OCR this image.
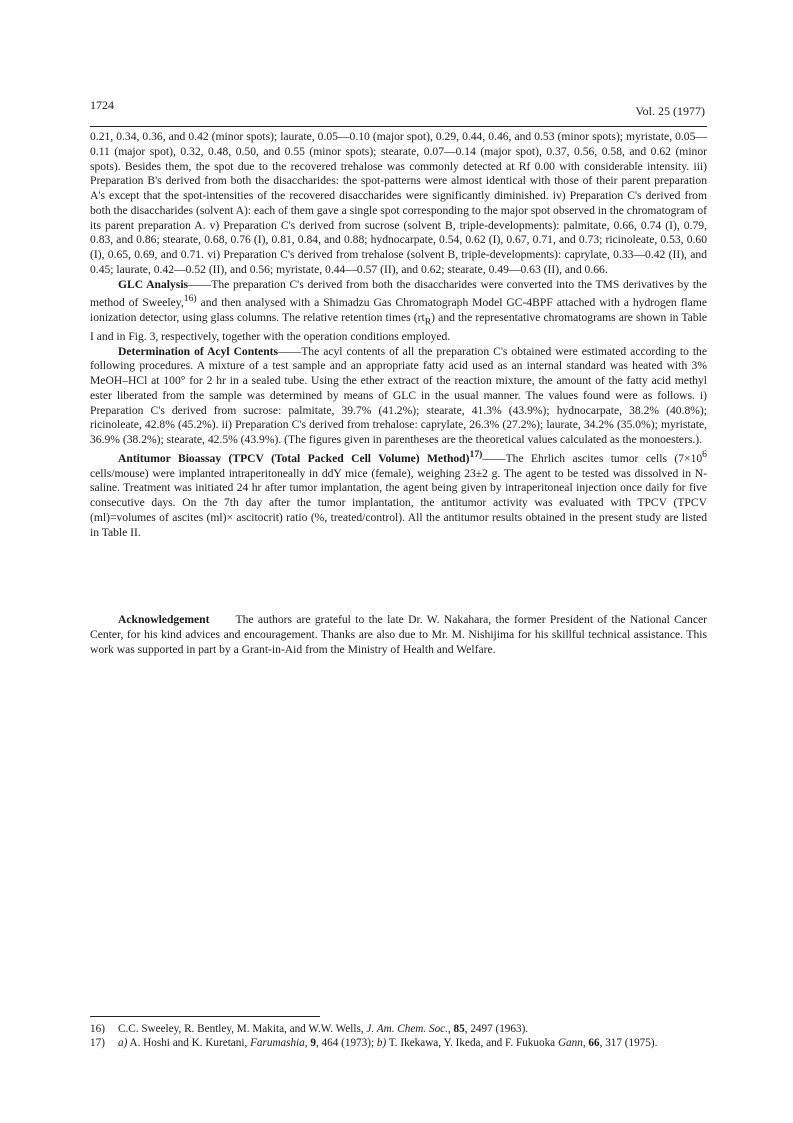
1724	Vol. 25 (1977)

0.21, 0.34, 0.36, and 0.42 (minor spots); laurate, 0.05—0.10 (major spot), 0.29, 0.44, 0.46, and 0.53 (minor spots); myristate, 0.05—0.11 (major spot), 0.32, 0.48, 0.50, and 0.55 (minor spots); stearate, 0.07—0.14 (major spot), 0.37, 0.56, 0.58, and 0.62 (minor spots). Besides them, the spot due to the recovered trehalose was commonly detected at Rf 0.00 with considerable intensity. iii) Preparation B's derived from both the disaccharides: the spot-patterns were almost identical with those of their parent preparation A's except that the spot-intensities of the recovered disaccharides were significantly diminished. iv) Preparation C's derived from both the disaccharides (solvent A): each of them gave a single spot corresponding to the major spot observed in the chromatogram of its parent preparation A. v) Preparation C's derived from sucrose (solvent B, triple-developments): palmitate, 0.66, 0.74 (I), 0.79, 0.83, and 0.86; stearate, 0.68, 0.76 (I), 0.81, 0.84, and 0.88; hydnocarpate, 0.54, 0.62 (I), 0.67, 0.71, and 0.73; ricinoleate, 0.53, 0.60 (I), 0.65, 0.69, and 0.71. vi) Preparation C's derived from trehalose (solvent B, triple-developments): caprylate, 0.33—0.42 (II), and 0.45; laurate, 0.42—0.52 (II), and 0.56; myristate, 0.44—0.57 (II), and 0.62; stearate, 0.49—0.63 (II), and 0.66.

GLC Analysis——The preparation C's derived from both the disaccharides were converted into the TMS derivatives by the method of Sweeley,$^{16)}$ and then analysed with a Shimadzu Gas Chromatograph Model GC-4BPF attached with a hydrogen flame ionization detector, using glass columns. The relative retention times $(rt_R)$ and the representative chromatograms are shown in Table I and in Fig. 3, respectively, together with the operation conditions employed.

Determination of Acyl Contents——The acyl contents of all the preparation C's obtained were estimated according to the following procedures. A mixture of a test sample and an appropriate fatty acid used as an internal standard was heated with 3% MeOH–HCl at 100° for 2 hr in a sealed tube. Using the ether extract of the reaction mixture, the amount of the fatty acid methyl ester liberated from the sample was determined by means of GLC in the usual manner. The values found were as follows. i) Preparation C's derived from sucrose: palmitate, 39.7% (41.2%); stearate, 41.3% (43.9%); hydnocarpate, 38.2% (40.8%); ricinoleate, 42.8% (45.2%). ii) Preparation C's derived from trehalose: caprylate, 26.3% (27.2%); laurate, 34.2% (35.0%); myristate, 36.9% (38.2%); stearate, 42.5% (43.9%). (The figures given in parentheses are the theoretical values calculated as the monoesters.).

Antitumor Bioassay (TPCV (Total Packed Cell Volume) Method)$^{17)}$——The Ehrlich ascites tumor cells ($7\times 10^6$ cells/mouse) were implanted intraperitoneally in ddY mice (female), weighing 23±2 g. The agent to be tested was dissolved in N-saline. Treatment was initiated 24 hr after tumor implantation, the agent being given by intraperitoneal injection once daily for five consecutive days. On the 7th day after the tumor implantation, the antitumor activity was evaluated with TPCV (TPCV (ml)=volumes of ascites (ml)× ascitocrit) ratio (%, treated/control). All the antitumor results obtained in the present study are listed in Table II.

Acknowledgement The authors are grateful to the late Dr. W. Nakahara, the former President of the National Cancer Center, for his kind advices and encouragement. Thanks are also due to Mr. M. Nishijima for his skillful technical assistance. This work was supported in part by a Grant-in-Aid from the Ministry of Health and Welfare.

16) C.C. Sweeley, R. Bentley, M. Makita, and W.W. Wells, J. Am. Chem. Soc., 85, 2497 (1963).

17) a) A. Hoshi and K. Kuretani, Farumashia, 9, 464 (1973); b) T. Ikekawa, Y. Ikeda, and F. Fukuoka Gann, 66, 317 (1975).
